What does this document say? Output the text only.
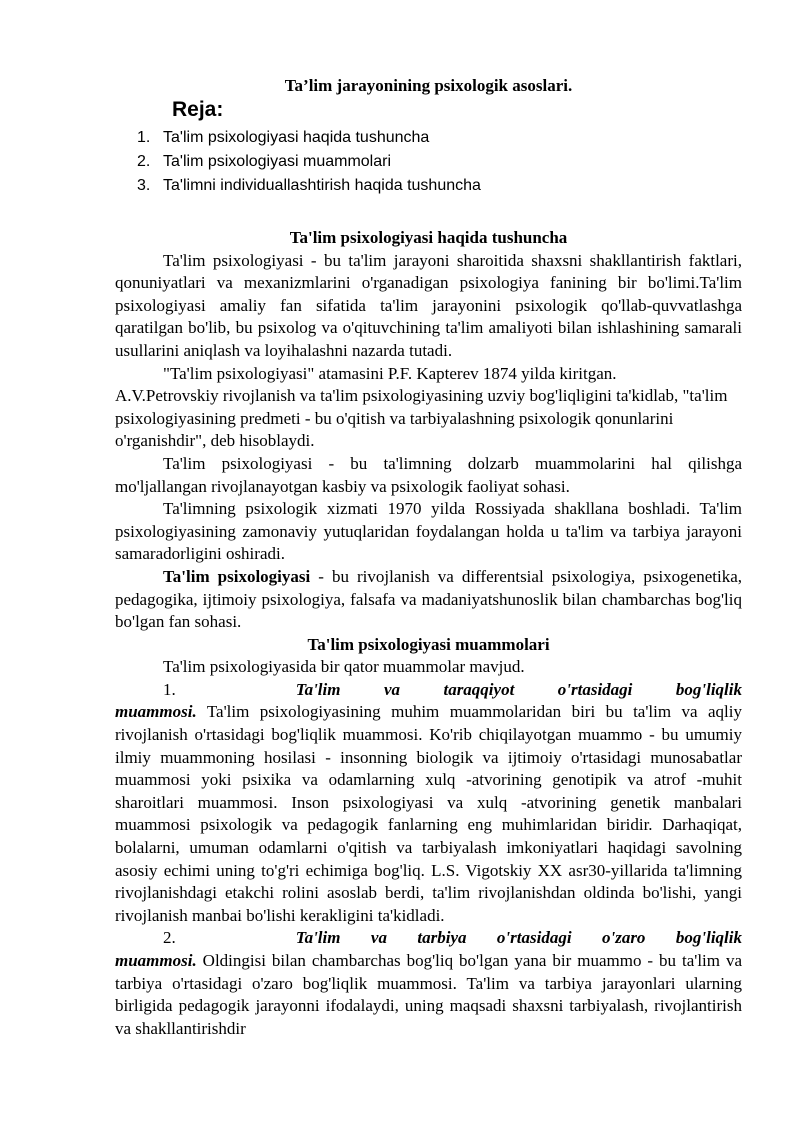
Ta’lim jarayonining psixologik asoslari.
Reja:
1. Ta'lim psixologiyasi haqida tushuncha
2. Ta'lim psixologiyasi muammolari
3. Ta'limni individuallashtirish haqida tushuncha
Ta'lim psixologiyasi haqida tushuncha

Ta'lim psixologiyasi - bu ta'lim jarayoni sharoitida shaxsni shakllantirish faktlari, qonuniyatlari va mexanizmlarini o'rganadigan psixologiya fanining bir bo'limi.Ta'lim psixologiyasi amaliy fan sifatida ta'lim jarayonini psixologik qo'llab-quvvatlashga qaratilgan bo'lib, bu psixolog va o'qituvchining ta'lim amaliyoti bilan ishlashining samarali usullarini aniqlash va loyihalashni nazarda tutadi.

"Ta'lim psixologiyasi" atamasini P.F. Kapterev 1874 yilda kiritgan.

A.V.Petrovskiy rivojlanish va ta'lim psixologiyasining uzviy bog'liqligini ta'kidlab, "ta'lim psixologiyasining predmeti - bu o'qitish va tarbiyalashning psixologik qonunlarini o'rganishdir", deb hisoblaydi.

Ta'lim psixologiyasi - bu ta'limning dolzarb muammolarini hal qilishga mo'ljallangan rivojlanayotgan kasbiy va psixologik faoliyat sohasi.

Ta'limning psixologik xizmati 1970 yilda Rossiyada shakllana boshladi. Ta'lim psixologiyasining zamonaviy yutuqlaridan foydalangan holda u ta'lim va tarbiya jarayoni samaradorligini oshiradi.

Ta'lim psixologiyasi - bu rivojlanish va differentsial psixologiya, psixogenetika, pedagogika, ijtimoiy psixologiya, falsafa va madaniyatshunoslik bilan chambarchas bog'liq bo'lgan fan sohasi.

Ta'lim psixologiyasi muammolari

Ta'lim psixologiyasida bir qator muammolar mavjud.

1.	Ta'lim va taraqqiyot o'rtasidagi bog'liqlik

muammosi. Ta'lim psixologiyasining muhim muammolaridan biri bu ta'lim va aqliy rivojlanish o'rtasidagi bog'liqlik muammosi. Ko'rib chiqilayotgan muammo - bu umumiy ilmiy muammoning hosilasi - insonning biologik va ijtimoiy o'rtasidagi munosabatlar muammosi yoki psixika va odamlarning xulq -atvorining genotipik va atrof -muhit sharoitlari muammosi. Inson psixologiyasi va xulq -atvorining genetik manbalari muammosi psixologik va pedagogik fanlarning eng muhimlaridan biridir. Darhaqiqat, bolalarni, umuman odamlarni o'qitish va tarbiyalash imkoniyatlari haqidagi savolning asosiy echimi uning to'g'ri echimiga bog'liq. L.S. Vigotskiy XX asr30-yillarida ta'limning rivojlanishdagi etakchi rolini asoslab berdi, ta'lim rivojlanishdan oldinda bo'lishi, yangi rivojlanish manbai bo'lishi kerakligini ta'kidladi.

2.	Ta'lim va tarbiya o'rtasidagi o'zaro bog'liqlik

muammosi. Oldingisi bilan chambarchas bog'liq bo'lgan yana bir muammo - bu ta'lim va tarbiya o'rtasidagi o'zaro bog'liqlik muammosi. Ta'lim va tarbiya jarayonlari ularning birligida pedagogik jarayonni ifodalaydi, uning maqsadi shaxsni tarbiyalash, rivojlantirish va shakllantirishdir
